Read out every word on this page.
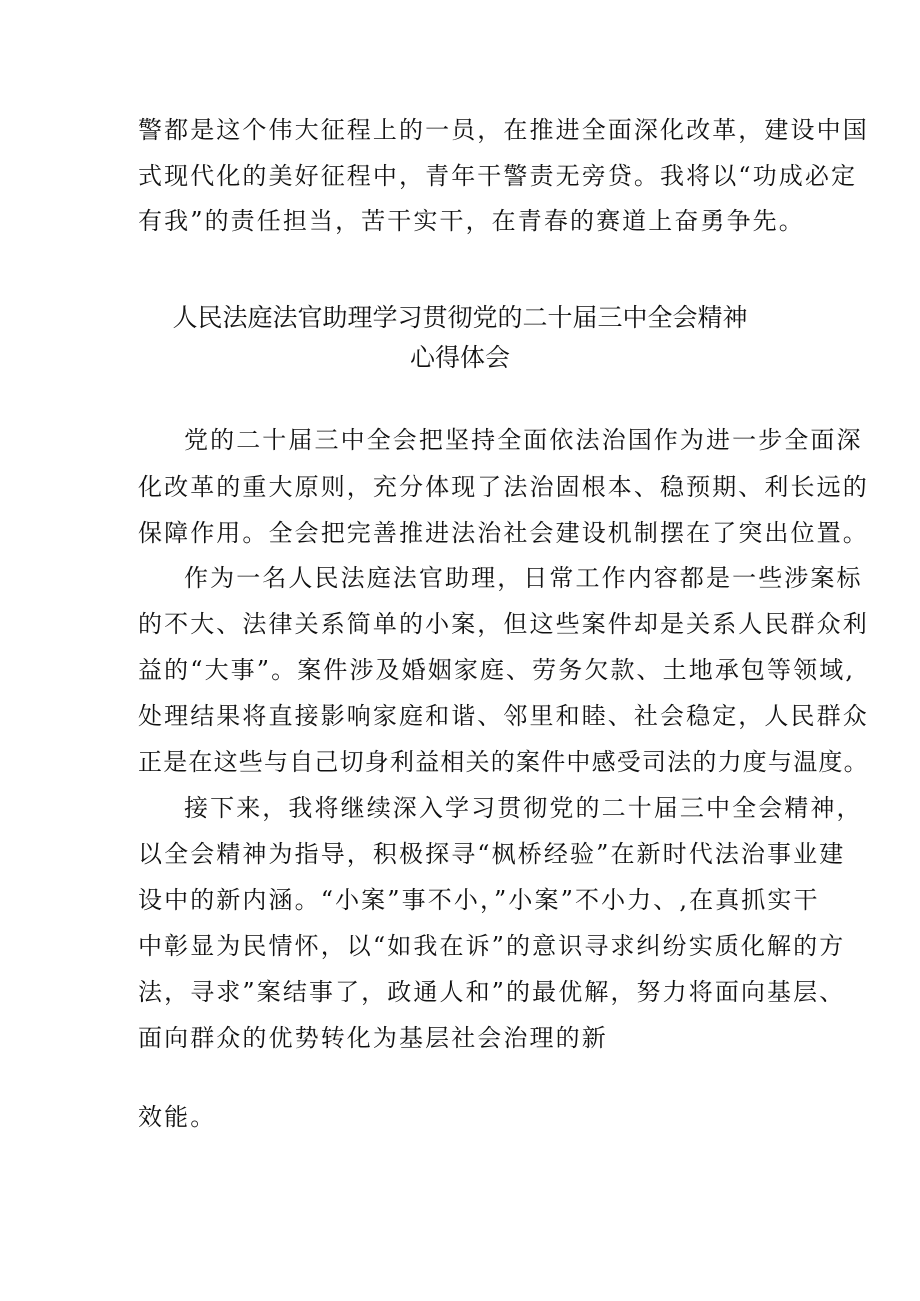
警都是这个伟大征程上的一员，在推进全面深化改革，建设中国
式现代化的美好征程中，青年干警责无旁贷。我将以“功成必定
有我”的责任担当，苦干实干，在青春的赛道上奋勇争先。
人民法庭法官助理学习贯彻党的二十届三中全会精神
心得体会
党的二十届三中全会把坚持全面依法治国作为进一步全面深
化改革的重大原则，充分体现了法治固根本、稳预期、利长远的
保障作用。全会把完善推进法治社会建设机制摆在了突出位置。
作为一名人民法庭法官助理，日常工作内容都是一些涉案标
的不大、法律关系简单的小案，但这些案件却是关系人民群众利
益的“大事”。案件涉及婚姻家庭、劳务欠款、土地承包等领域,
处理结果将直接影响家庭和谐、邻里和睦、社会稳定，人民群众
正是在这些与自己切身利益相关的案件中感受司法的力度与温度。
接下来，我将继续深入学习贯彻党的二十届三中全会精神，
以全会精神为指导，积极探寻“枫桥经验”在新时代法治事业建
设中的新内涵。“小案”事不小，”小案”不小力、,在真抓实干
中彰显为民情怀，以“如我在诉”的意识寻求纠纷实质化解的方
法，寻求”案结事了，政通人和”的最优解，努力将面向基层、
面向群众的优势转化为基层社会治理的新
效能。
